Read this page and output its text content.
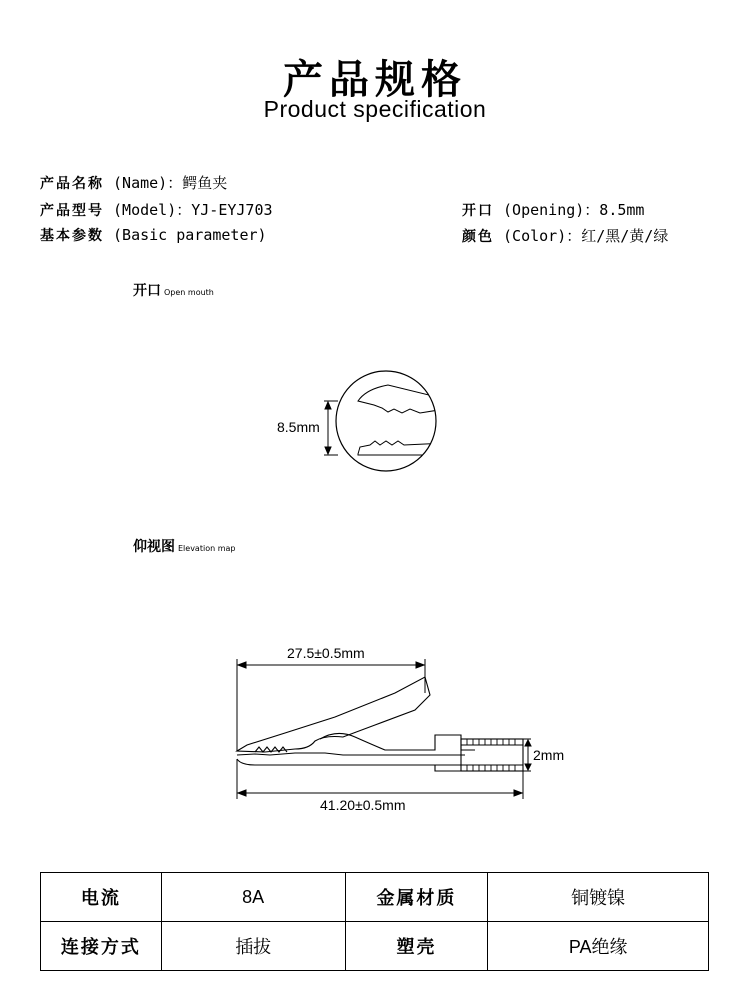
产品规格
Product specification
产品名称 (Name)：鳄鱼夹
产品型号 (Model)：YJ-EYJ703
基本参数 (Basic parameter)
开口 (Opening)：8.5mm
颜色 (Color)：红/黑/黄/绿
开口 Open mouth
8.5mm
仰视图 Elevation map
27.5±0.5mm
2mm
41.20±0.5mm
电流	8A	金属材质	铜镀镍
连接方式	插拔	塑壳	PA绝缘
